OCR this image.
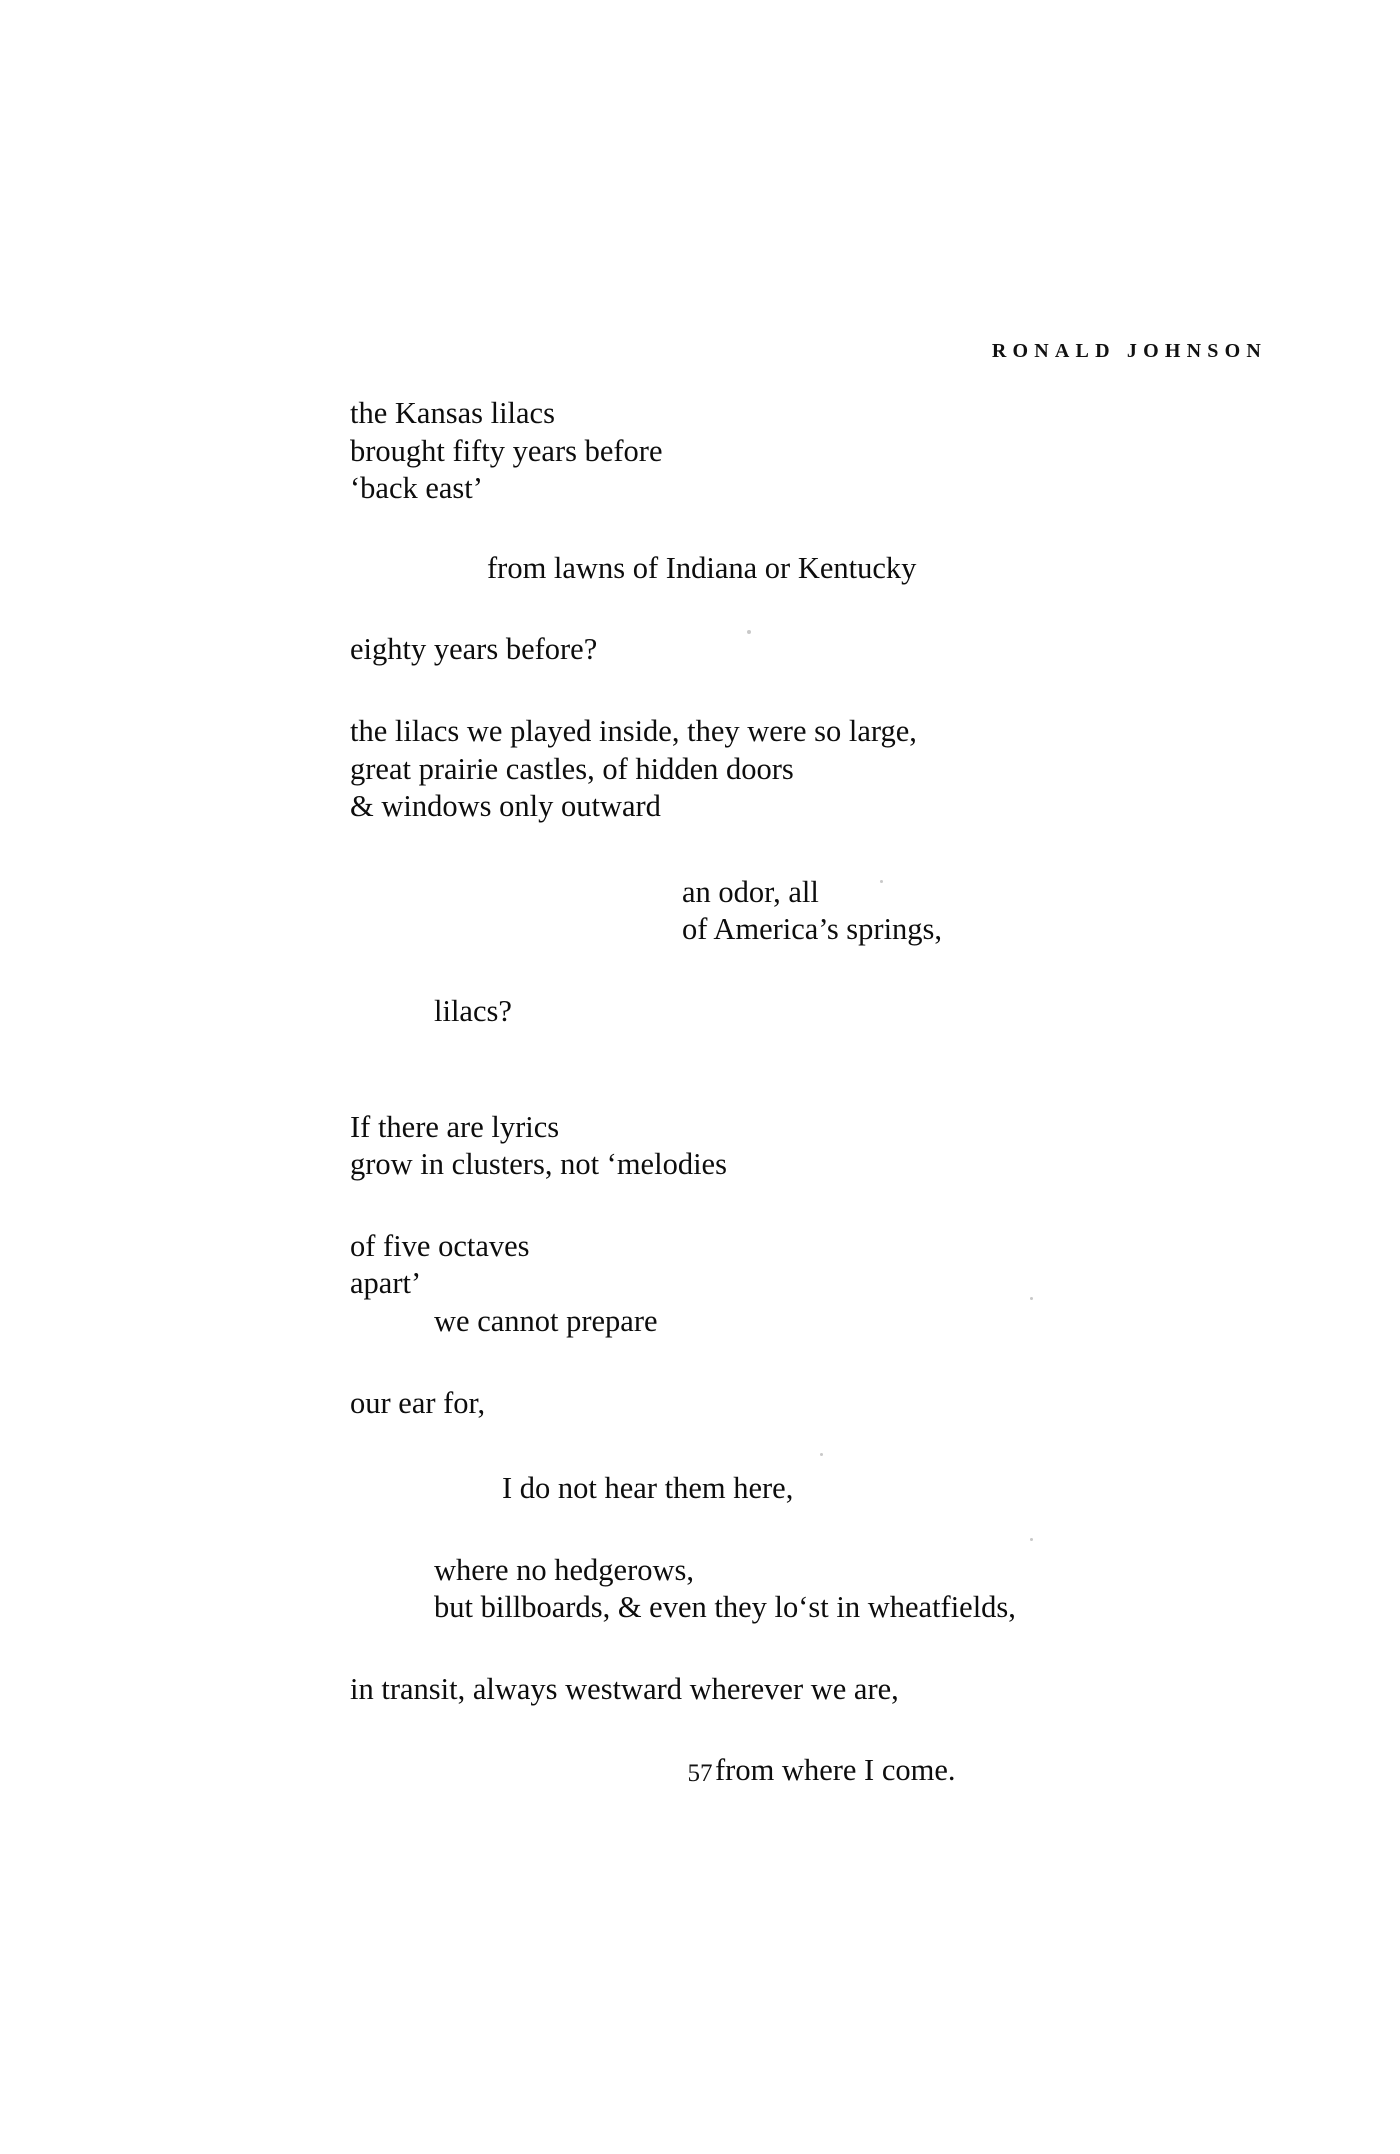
RONALD JOHNSON
the Kansas lilacs
brought fifty years before
‘back east’
from lawns of Indiana or Kentucky
eighty years before?
the lilacs we played inside, they were so large,
great prairie castles, of hidden doors
& windows only outward
an odor, all
of America’s springs,
lilacs?
If there are lyrics
grow in clusters, not ‘melodies
of five octaves
apart’
we cannot prepare
our ear for,
I do not hear them here,
where no hedgerows,
but billboards, & even they loʻst in wheatfields,
in transit, always westward wherever we are,
from where I come.
57
